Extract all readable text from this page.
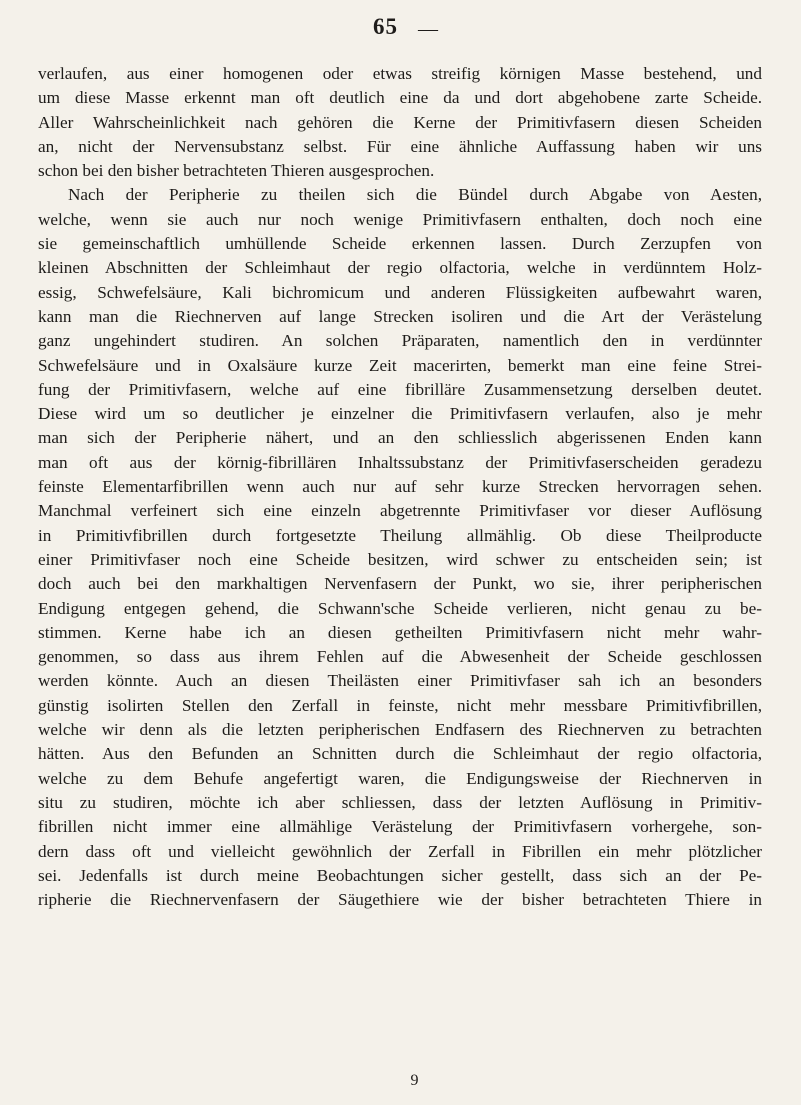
65 —
verlaufen, aus einer homogenen oder etwas streifig körnigen Masse bestehend, und
um diese Masse erkennt man oft deutlich eine da und dort abgehobene zarte Scheide.
Aller Wahrscheinlichkeit nach gehören die Kerne der Primitivfasern diesen Scheiden
an, nicht der Nervensubstanz selbst. Für eine ähnliche Auffassung haben wir uns
schon bei den bisher betrachteten Thieren ausgesprochen.
Nach der Peripherie zu theilen sich die Bündel durch Abgabe von Aesten,
welche, wenn sie auch nur noch wenige Primitivfasern enthalten, doch noch eine
sie gemeinschaftlich umhüllende Scheide erkennen lassen. Durch Zerzupfen von
kleinen Abschnitten der Schleimhaut der regio olfactoria, welche in verdünntem Holz-
essig, Schwefelsäure, Kali bichromicum und anderen Flüssigkeiten aufbewahrt waren,
kann man die Riechnerven auf lange Strecken isoliren und die Art der Verästelung
ganz ungehindert studiren. An solchen Präparaten, namentlich den in verdünnter
Schwefelsäure und in Oxalsäure kurze Zeit macerirten, bemerkt man eine feine Strei-
fung der Primitivfasern, welche auf eine fibrilläre Zusammensetzung derselben deutet.
Diese wird um so deutlicher je einzelner die Primitivfasern verlaufen, also je mehr
man sich der Peripherie nähert, und an den schliesslich abgerissenen Enden kann
man oft aus der körnig-fibrillären Inhaltssubstanz der Primitivfaserscheiden geradezu
feinste Elementarfibrillen wenn auch nur auf sehr kurze Strecken hervorragen sehen.
Manchmal verfeinert sich eine einzeln abgetrennte Primitivfaser vor dieser Auflösung
in Primitivfibrillen durch fortgesetzte Theilung allmählig. Ob diese Theilproducte
einer Primitivfaser noch eine Scheide besitzen, wird schwer zu entscheiden sein; ist
doch auch bei den markhaltigen Nervenfasern der Punkt, wo sie, ihrer peripherischen
Endigung entgegen gehend, die Schwann'sche Scheide verlieren, nicht genau zu be-
stimmen. Kerne habe ich an diesen getheilten Primitivfasern nicht mehr wahr-
genommen, so dass aus ihrem Fehlen auf die Abwesenheit der Scheide geschlossen
werden könnte. Auch an diesen Theilästen einer Primitivfaser sah ich an besonders
günstig isolirten Stellen den Zerfall in feinste, nicht mehr messbare Primitivfibrillen,
welche wir denn als die letzten peripherischen Endfasern des Riechnerven zu betrachten
hätten. Aus den Befunden an Schnitten durch die Schleimhaut der regio olfactoria,
welche zu dem Behufe angefertigt waren, die Endigungsweise der Riechnerven in
situ zu studiren, möchte ich aber schliessen, dass der letzten Auflösung in Primitiv-
fibrillen nicht immer eine allmählige Verästelung der Primitivfasern vorhergehe, son-
dern dass oft und vielleicht gewöhnlich der Zerfall in Fibrillen ein mehr plötzlicher
sei. Jedenfalls ist durch meine Beobachtungen sicher gestellt, dass sich an der Pe-
ripherie die Riechnervenfasern der Säugethiere wie der bisher betrachteten Thiere in
9
